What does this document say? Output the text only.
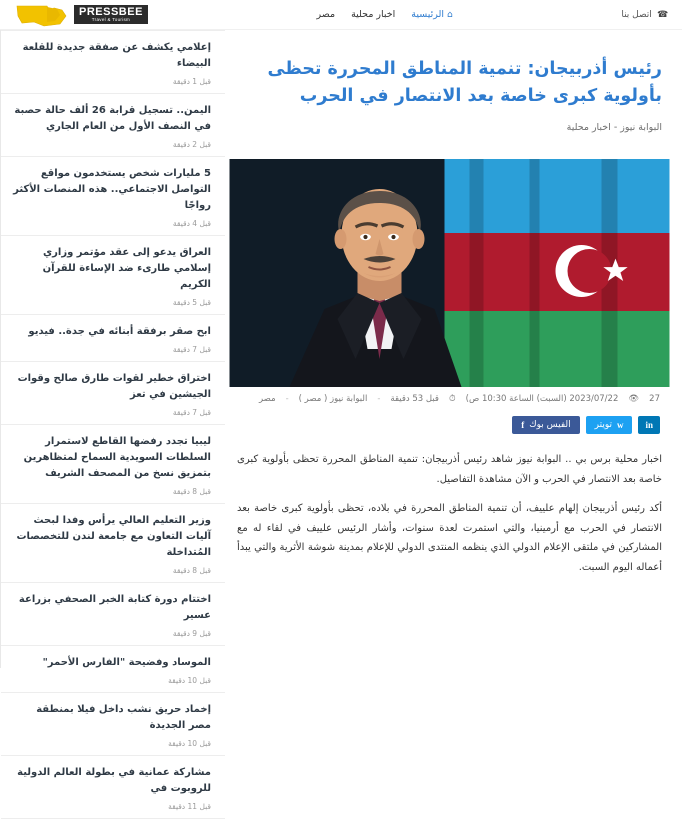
☎
اتصل بنا
⌂
الرئيسية
اخبار محلية
مصر
PRESSBEE
Travel & Tourism
رئيس أذربيجان: تنمية المناطق المحررة تحظى بأولوية كبرى خاصة بعد الانتصار في الحرب
البوابة نيوز - اخبار محلية
27
👁
2023/07/22 (السبت) الساعة 10:30 ص)
⏱
قبل 53 دقيقة
-
البوابة نيوز ( مصر )
-
مصر
in
w
تويتر
الفيس بوك
f

اخبار محلية برس بي .. البوابة نيوز شاهد رئيس أذربيجان: تنمية المناطق المحررة تحظى بأولوية كبرى خاصة بعد الانتصار في الحرب و الآن مشاهدة التفاصيل.

أكد رئيس أذربيجان إلهام علييف، أن تنمية المناطق المحررة في بلاده، تحظى بأولوية كبرى خاصة بعد الانتصار في الحرب مع أرمينيا، والتي استمرت لعدة سنوات، وأشار الرئيس علييف في لقاء له مع المشاركين في ملتقى الإعلام الدولي الذي ينظمه المنتدى الدولي للإعلام بمدينة شوشة الأثرية والتي يبدأ أعماله اليوم السبت.

إعلامي يكشف عن صفقة جديدة للقلعة البيضاء
قبل 1 دقيقة
اليمن.. تسجيل قرابة 26 ألف حالة حصبة في النصف الأول من العام الجاري
قبل 2 دقيقة
5 مليارات شخص يستخدمون مواقع التواصل الاجتماعي.. هذه المنصات الأكثر رواجًا
قبل 4 دقيقة
العراق يدعو إلى عقد مؤتمر وزاري إسلامي طارىء ضد الإساءة للقرآن الكريم
قبل 5 دقيقة
ابح صقر برفقة أبنائه في جدة.. فيديو
قبل 7 دقيقة
اختراق خطير لقوات طارق صالح وقوات الجيشين في تعز
قبل 7 دقيقة
ليبيا تجدد رفضها القاطع لاستمرار السلطات السويدية السماح لمتظاهرين بتمزيق نسخ من المصحف الشريف
قبل 8 دقيقة
وزير التعليم العالي يرأس وفدا لبحث آليات التعاون مع جامعة لندن للتخصصات المُتداخلة
قبل 8 دقيقة
اختتام دورة كتابة الخبر الصحفي بزراعة عسير
قبل 9 دقيقة
الموساد وفضيحة "الفارس الأحمر"
قبل 10 دقيقة
إخماد حريق نشب داخل فيلا بمنطقة مصر الجديدة
قبل 10 دقيقة
مشاركة عمانية في بطولة العالم الدولية للروبوت في
قبل 11 دقيقة
